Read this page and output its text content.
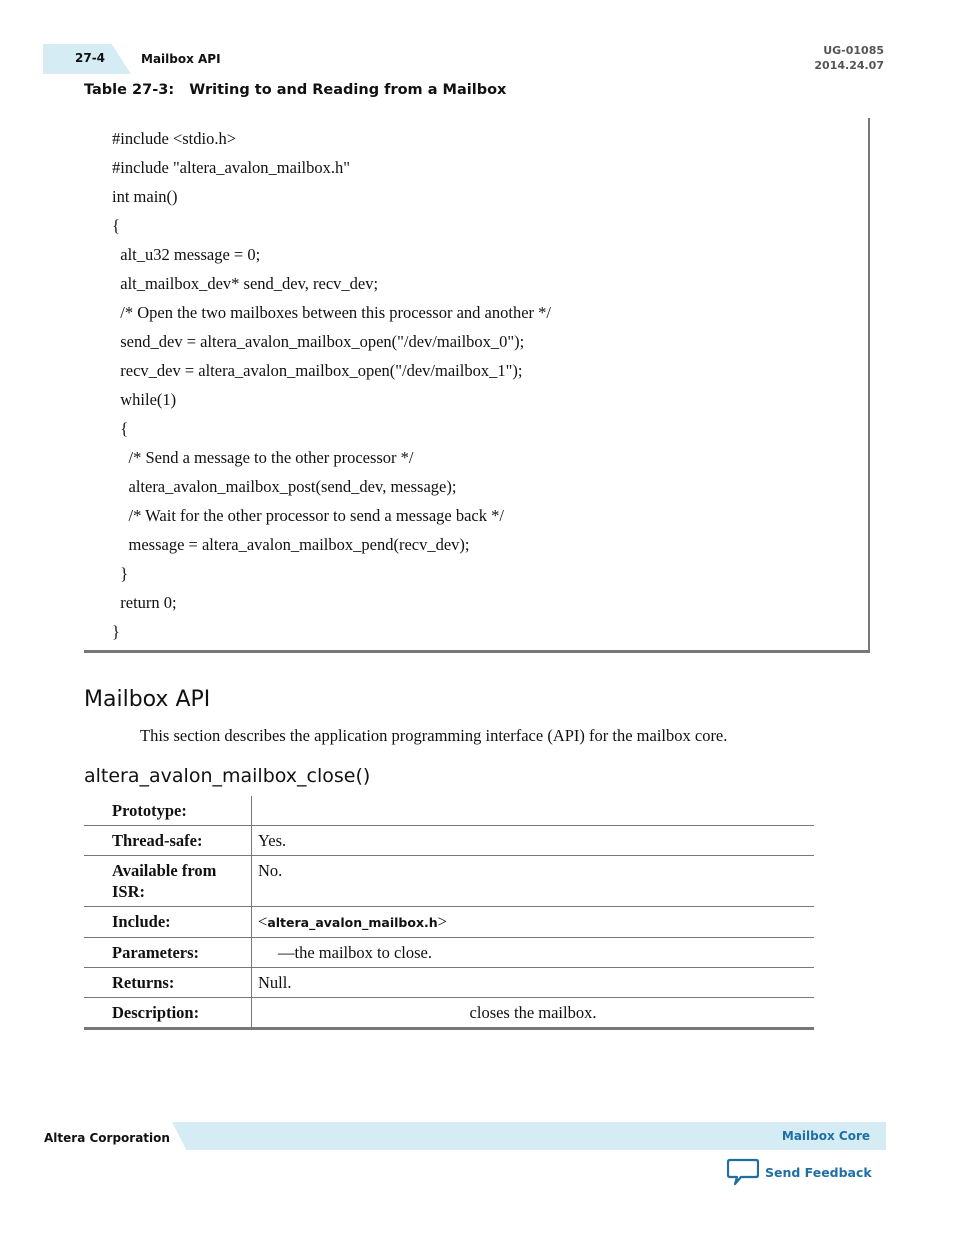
27-4	Mailbox API
UG-01085
2014.24.07
Table 27-3:   Writing to and Reading from a Mailbox
#include <stdio.h>
#include "altera_avalon_mailbox.h"
int main()
{
alt_u32 message = 0;
alt_mailbox_dev* send_dev, recv_dev;
/* Open the two mailboxes between this processor and another */
send_dev = altera_avalon_mailbox_open("/dev/mailbox_0");
recv_dev = altera_avalon_mailbox_open("/dev/mailbox_1");
while(1)
{
/* Send a message to the other processor */
altera_avalon_mailbox_post(send_dev, message);
/* Wait for the other processor to send a message back */
message = altera_avalon_mailbox_pend(recv_dev);
}
return 0;
}
Mailbox API

This section describes the application programming interface (API) for the mailbox core.

altera_avalon_mailbox_close()
Prototype:	
Thread-safe:	Yes.
Available from ISR:	No.
Include:	<altera_avalon_mailbox.h>
Parameters:	—the mailbox to close.
Returns:	Null.
Description:	closes the mailbox.
Altera Corporation	Mailbox Core
Send Feedback
